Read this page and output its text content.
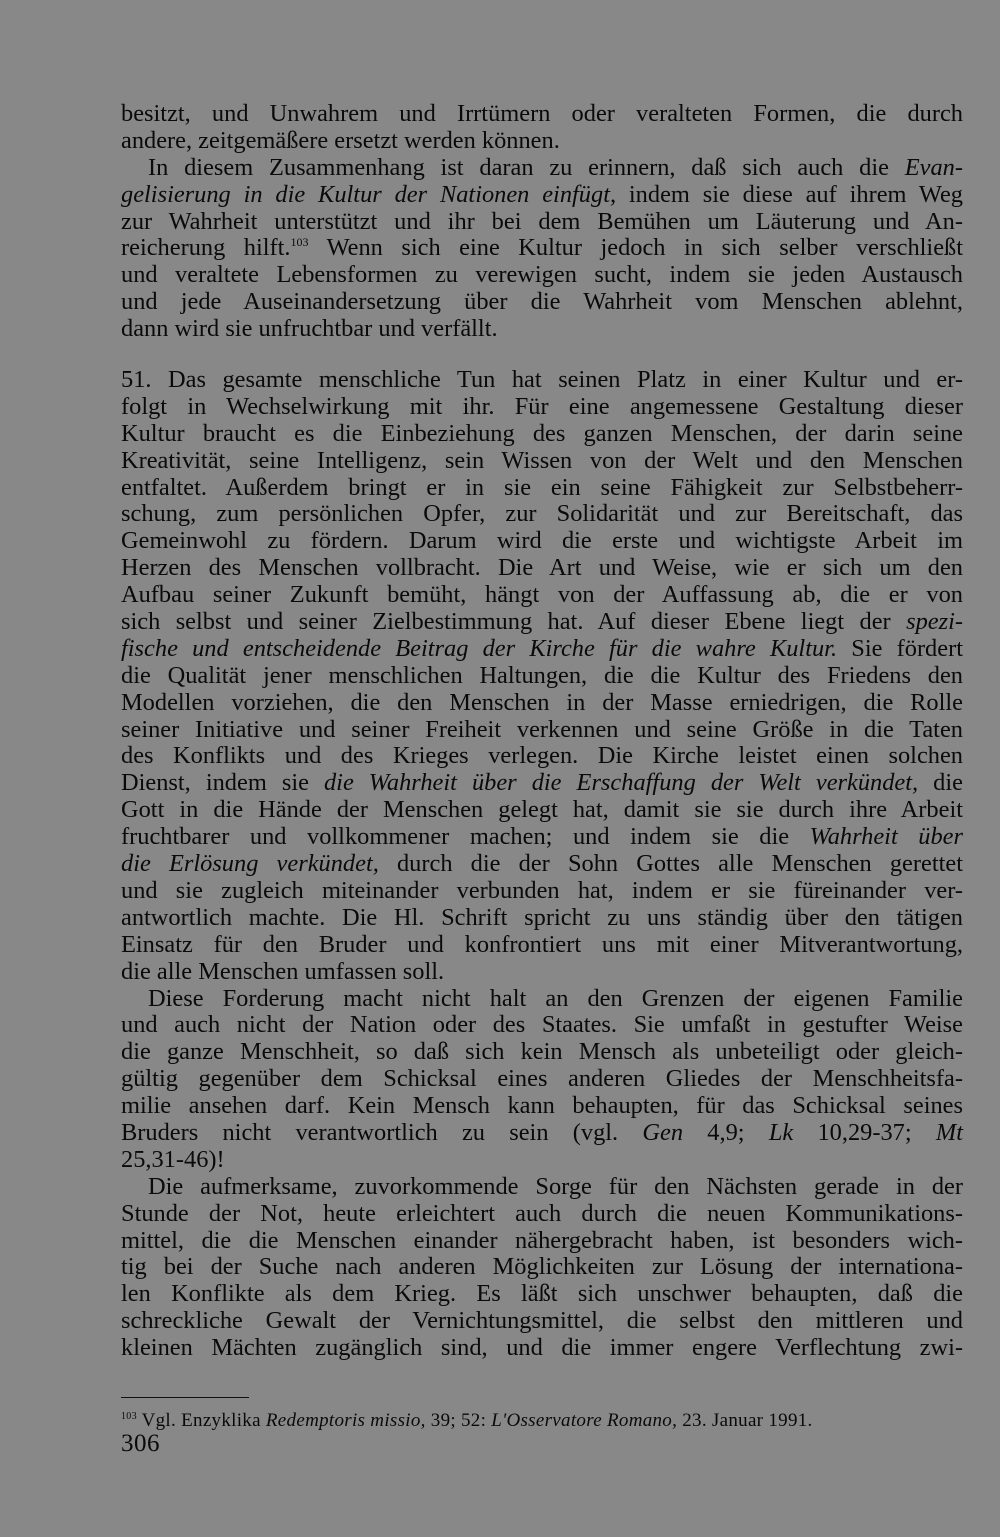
besitzt, und Unwahrem und Irrtümern oder veralteten Formen, die durch
andere, zeitgemäßere ersetzt werden können.
In diesem Zusammenhang ist daran zu erinnern, daß sich auch die Evan-
gelisierung in die Kultur der Nationen einfügt, indem sie diese auf ihrem Weg
zur Wahrheit unterstützt und ihr bei dem Bemühen um Läuterung und An-
reicherung hilft.$^{103}$ Wenn sich eine Kultur jedoch in sich selber verschließt
und veraltete Lebensformen zu verewigen sucht, indem sie jeden Austausch
und jede Auseinandersetzung über die Wahrheit vom Menschen ablehnt,
dann wird sie unfruchtbar und verfällt.
51. Das gesamte menschliche Tun hat seinen Platz in einer Kultur und er-
folgt in Wechselwirkung mit ihr. Für eine angemessene Gestaltung dieser
Kultur braucht es die Einbeziehung des ganzen Menschen, der darin seine
Kreativität, seine Intelligenz, sein Wissen von der Welt und den Menschen
entfaltet. Außerdem bringt er in sie ein seine Fähigkeit zur Selbstbeherr-
schung, zum persönlichen Opfer, zur Solidarität und zur Bereitschaft, das
Gemeinwohl zu fördern. Darum wird die erste und wichtigste Arbeit im
Herzen des Menschen vollbracht. Die Art und Weise, wie er sich um den
Aufbau seiner Zukunft bemüht, hängt von der Auffassung ab, die er von
sich selbst und seiner Zielbestimmung hat. Auf dieser Ebene liegt der spezi-
fische und entscheidende Beitrag der Kirche für die wahre Kultur. Sie fördert
die Qualität jener menschlichen Haltungen, die die Kultur des Friedens den
Modellen vorziehen, die den Menschen in der Masse erniedrigen, die Rolle
seiner Initiative und seiner Freiheit verkennen und seine Größe in die Taten
des Konflikts und des Krieges verlegen. Die Kirche leistet einen solchen
Dienst, indem sie die Wahrheit über die Erschaffung der Welt verkündet, die
Gott in die Hände der Menschen gelegt hat, damit sie sie durch ihre Arbeit
fruchtbarer und vollkommener machen; und indem sie die Wahrheit über
die Erlösung verkündet, durch die der Sohn Gottes alle Menschen gerettet
und sie zugleich miteinander verbunden hat, indem er sie füreinander ver-
antwortlich machte. Die Hl. Schrift spricht zu uns ständig über den tätigen
Einsatz für den Bruder und konfrontiert uns mit einer Mitverantwortung,
die alle Menschen umfassen soll.
Diese Forderung macht nicht halt an den Grenzen der eigenen Familie
und auch nicht der Nation oder des Staates. Sie umfaßt in gestufter Weise
die ganze Menschheit, so daß sich kein Mensch als unbeteiligt oder gleich-
gültig gegenüber dem Schicksal eines anderen Gliedes der Menschheitsfa-
milie ansehen darf. Kein Mensch kann behaupten, für das Schicksal seines
Bruders nicht verantwortlich zu sein (vgl. Gen 4,9; Lk 10,29-37; Mt
25,31-46)!
Die aufmerksame, zuvorkommende Sorge für den Nächsten gerade in der
Stunde der Not, heute erleichtert auch durch die neuen Kommunikations-
mittel, die die Menschen einander nähergebracht haben, ist besonders wich-
tig bei der Suche nach anderen Möglichkeiten zur Lösung der internationa-
len Konflikte als dem Krieg. Es läßt sich unschwer behaupten, daß die
schreckliche Gewalt der Vernichtungsmittel, die selbst den mittleren und
kleinen Mächten zugänglich sind, und die immer engere Verflechtung zwi-
$^{103}$ Vgl. Enzyklika Redemptoris missio, 39; 52: L'Osservatore Romano, 23. Januar 1991.
306
